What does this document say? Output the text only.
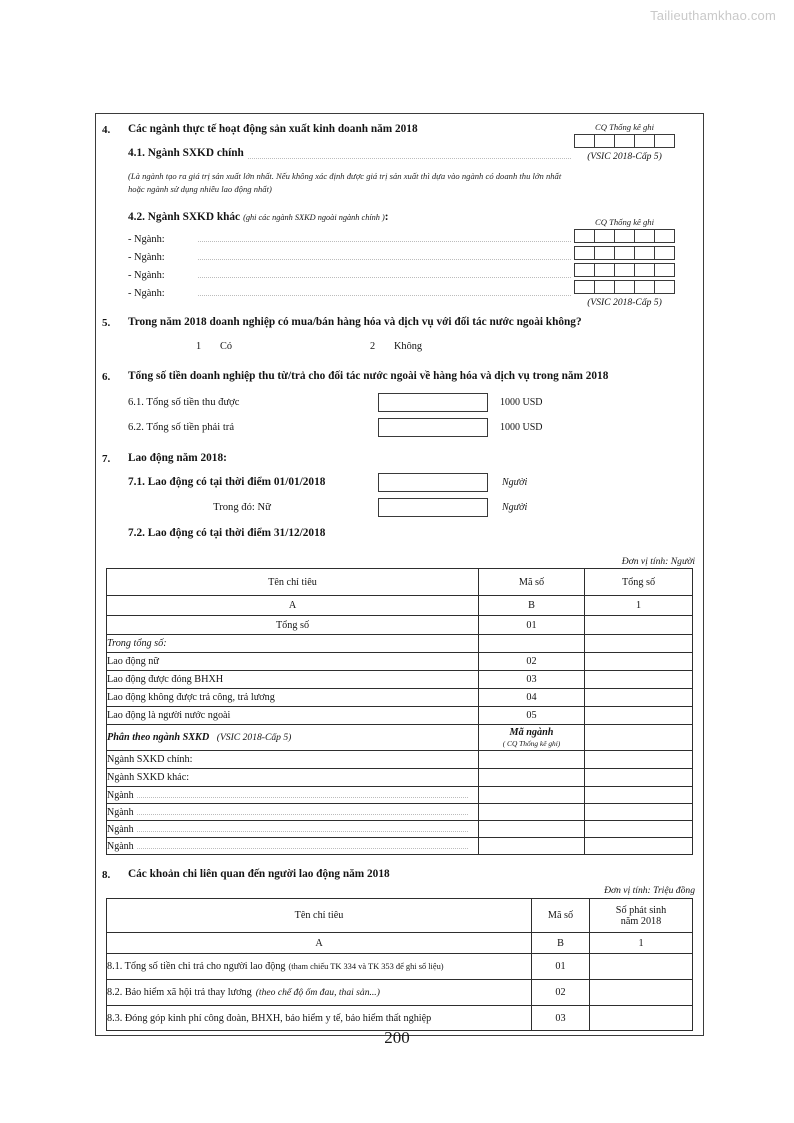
Tailieuthamkhao.com
4.	Các ngành thực tế hoạt động sản xuất kinh doanh năm 2018
4.1. Ngành SXKD chính
(Là ngành tạo ra giá trị sản xuất lớn nhất. Nếu không xác định được giá trị sản xuất thì dựa vào ngành có doanh thu lớn nhất hoặc ngành sử dụng nhiều lao động nhất)
4.2. Ngành SXKD khác (ghi các ngành SXKD ngoài ngành chính ):
- Ngành:
- Ngành:
- Ngành:
- Ngành:
CQ Thống kê ghi
(VSIC 2018-Cấp 5)
CQ Thống kê ghi
(VSIC 2018-Cấp 5)
5.	Trong năm 2018 doanh nghiệp có mua/bán hàng hóa và dịch vụ với đối tác nước ngoài không?
1	Có	2	Không
6.	Tổng số tiền doanh nghiệp thu từ/trả cho đối tác nước ngoài về hàng hóa và dịch vụ trong năm 2018
6.1. Tổng số tiền thu được	1000 USD
6.2. Tổng số tiền phải trả	1000 USD
7.	Lao động năm 2018:
7.1. Lao động có tại thời điểm 01/01/2018	Người
Trong đó: Nữ	Người
7.2. Lao động có tại thời điểm 31/12/2018
Đơn vị tính: Người
Tên chỉ tiêu	Mã số	Tổng số
A	B	1
Tổng số	01	
Trong tổng số:		
Lao động nữ	02	
Lao động được đóng BHXH	03	
Lao động không được trả công, trả lương	04	
Lao động là người nước ngoài	05	
Phân theo ngành SXKD (VSIC 2018-Cấp 5)	Mã ngành
( CQ Thống kê ghi)	

Ngành SXKD chính:		
Ngành SXKD khác:		

Ngành		

Ngành		

Ngành		

Ngành		

8.	Các khoản chi liên quan đến người lao động năm 2018
Đơn vị tính: Triệu đồng
Tên chỉ tiêu	Mã số	Số phát sinh
năm 2018

A	B	1
8.1. Tổng số tiền chi trả cho người lao động (tham chiếu TK 334 và TK 353 để ghi số liệu)	01	
8.2. Bảo hiểm xã hội trả thay lương (theo chế độ ốm đau, thai sản...)	02	
8.3. Đóng góp kinh phí công đoàn, BHXH, bảo hiểm y tế, bảo hiểm thất nghiệp	03	
200
